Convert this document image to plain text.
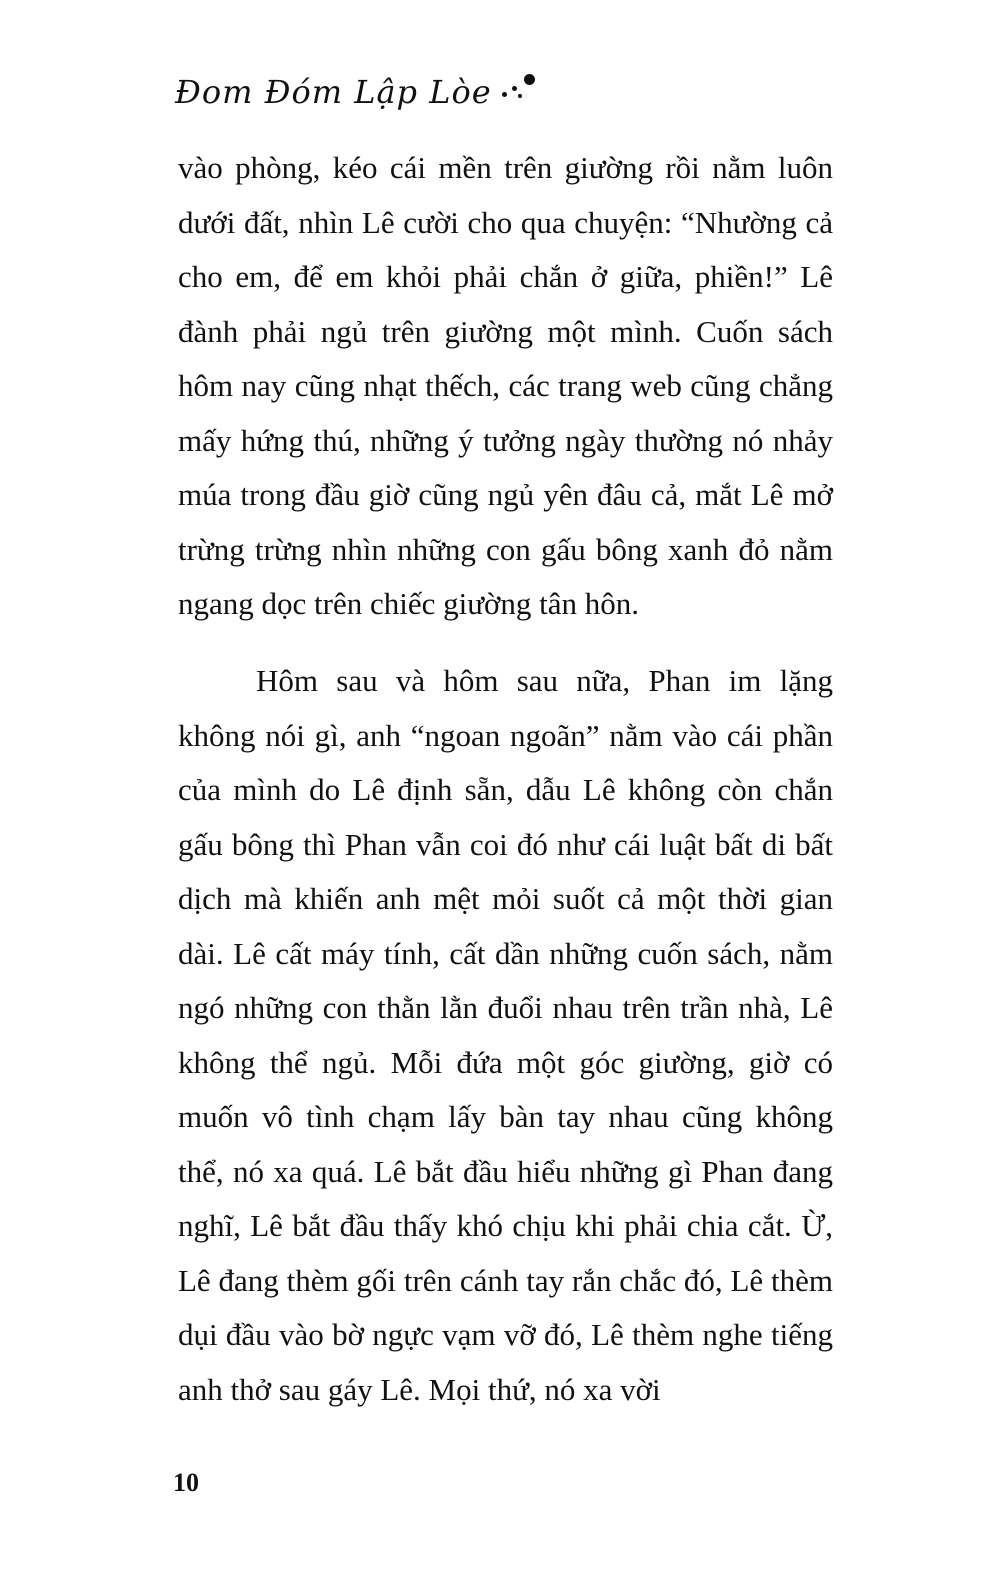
Đom Đóm Lập Lòe

vào phòng, kéo cái mền trên giường rồi nằm luôn dưới đất, nhìn Lê cười cho qua chuyện: “Nhường cả cho em, để em khỏi phải chắn ở giữa, phiền!” Lê đành phải ngủ trên giường một mình. Cuốn sách hôm nay cũng nhạt thếch, các trang web cũng chẳng mấy hứng thú, những ý tưởng ngày thường nó nhảy múa trong đầu giờ cũng ngủ yên đâu cả, mắt Lê mở trừng trừng nhìn những con gấu bông xanh đỏ nằm ngang dọc trên chiếc giường tân hôn.

Hôm sau và hôm sau nữa, Phan im lặng không nói gì, anh “ngoan ngoãn” nằm vào cái phần của mình do Lê định sẵn, dẫu Lê không còn chắn gấu bông thì Phan vẫn coi đó như cái luật bất di bất dịch mà khiến anh mệt mỏi suốt cả một thời gian dài. Lê cất máy tính, cất dần những cuốn sách, nằm ngó những con thằn lằn đuổi nhau trên trần nhà, Lê không thể ngủ. Mỗi đứa một góc giường, giờ có muốn vô tình chạm lấy bàn tay nhau cũng không thể, nó xa quá. Lê bắt đầu hiểu những gì Phan đang nghĩ, Lê bắt đầu thấy khó chịu khi phải chia cắt. Ừ, Lê đang thèm gối trên cánh tay rắn chắc đó, Lê thèm dụi đầu vào bờ ngực vạm vỡ đó, Lê thèm nghe tiếng anh thở sau gáy Lê. Mọi thứ, nó xa vời

10
